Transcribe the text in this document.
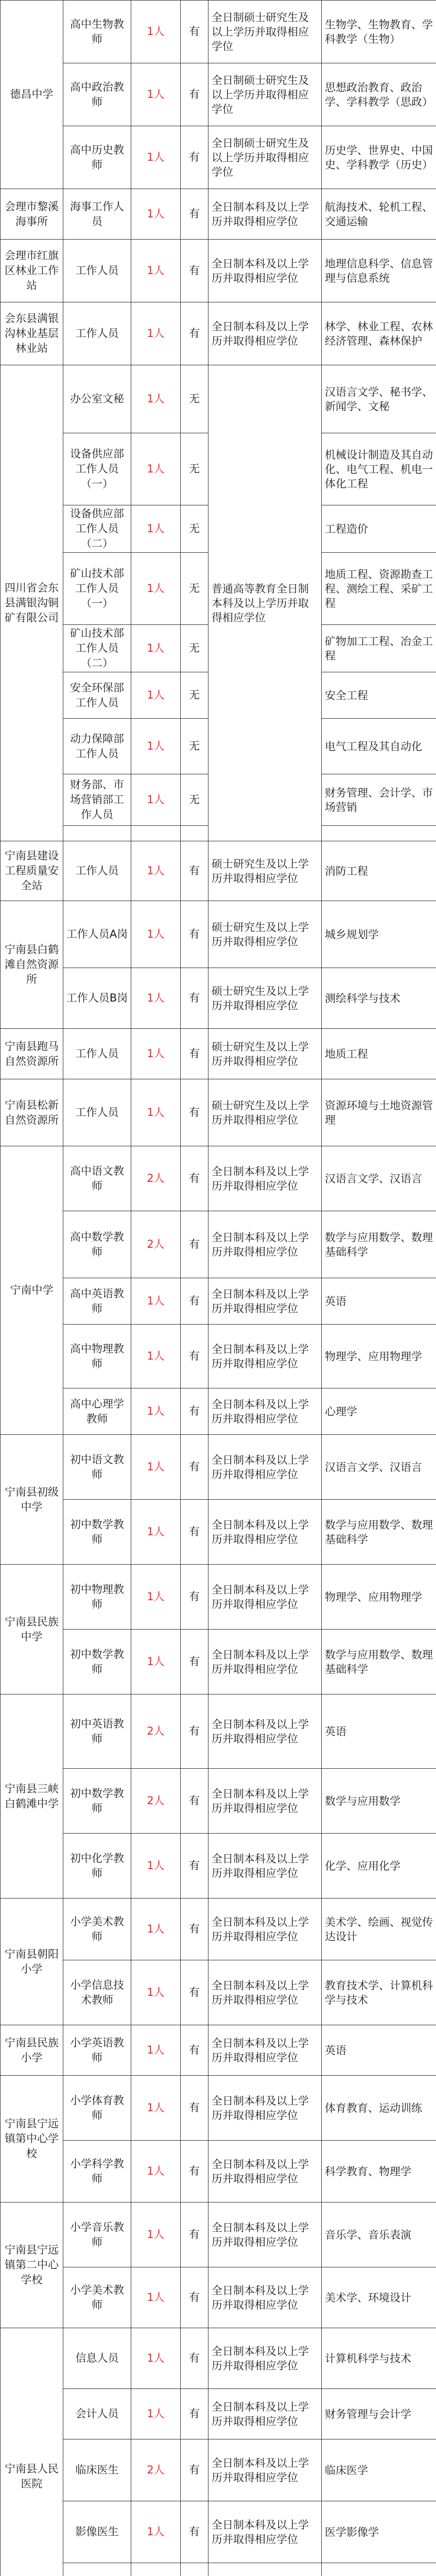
德昌中学	高中生物教师	1人	有	全日制硕士研究生及以上学历并取得相应学位	生物学、生物教育、学科教学（生物）
	高中政治教师	1人	有	全日制硕士研究生及以上学历并取得相应学位	思想政治教育、政治学、学科教学（思政）
	高中历史教师	1人	有	全日制硕士研究生及以上学历并取得相应学位	历史学、世界史、中国史、学科教学（历史）
会理市黎溪海事所	海事工作人员	1人	有	全日制本科及以上学历并取得相应学位	航海技术、轮机工程、交通运输
会理市红旗区林业工作站	工作人员	1人	有	全日制本科及以上学历并取得相应学位	地理信息科学、信息管理与信息系统
会东县满银沟林业基层林业站	工作人员	1人	有	全日制本科及以上学历并取得相应学位	林学、林业工程、农林经济管理、森林保护
四川省会东县满银沟铜矿有限公司	办公室文秘	1人	无	普通高等教育全日制本科及以上学历并取得相应学位	汉语言文学、秘书学、新闻学、文秘
	设备供应部工作人员（一）	1人	无		机械设计制造及其自动化、电气工程、机电一体化工程
	设备供应部工作人员（二）	1人	无		工程造价
	矿山技术部工作人员（一）	1人	无		地质工程、资源勘查工程、测绘工程、采矿工程
	矿山技术部工作人员（二）	1人	无		矿物加工工程、冶金工程
	安全环保部工作人员	1人	无		安全工程
	动力保障部工作人员	1人	无		电气工程及其自动化
	财务部、市场营销部工作人员	1人	无		财务管理、会计学、市场营销

宁南县建设工程质量安全站	工作人员	1人	有	硕士研究生及以上学历并取得相应学位	消防工程
宁南县白鹤滩自然资源所	工作人员A岗	1人	有	硕士研究生及以上学历并取得相应学位	城乡规划学
	工作人员B岗	1人	有	硕士研究生及以上学历并取得相应学位	测绘科学与技术
宁南县跑马自然资源所	工作人员	1人	有	硕士研究生及以上学历并取得相应学位	地质工程
宁南县松新自然资源所	工作人员	1人	有	硕士研究生及以上学历并取得相应学位	资源环境与土地资源管理
宁南中学	高中语文教师	2人	有	全日制本科及以上学历并取得相应学位	汉语言文学、汉语言
	高中数学教师	2人	有	全日制本科及以上学历并取得相应学位	数学与应用数学、数理基础科学
	高中英语教师	1人	有	全日制本科及以上学历并取得相应学位	英语
	高中物理教师	1人	有	全日制本科及以上学历并取得相应学位	物理学、应用物理学
	高中心理学教师	1人	有	全日制本科及以上学历并取得相应学位	心理学
宁南县初级中学	初中语文教师	1人	有	全日制本科及以上学历并取得相应学位	汉语言文学、汉语言
	初中数学教师	1人	有	全日制本科及以上学历并取得相应学位	数学与应用数学、数理基础科学
宁南县民族中学	初中物理教师	1人	有	全日制本科及以上学历并取得相应学位	物理学、应用物理学
	初中数学教师	1人	有	全日制本科及以上学历并取得相应学位	数学与应用数学、数理基础科学
宁南县三峡白鹤滩中学	初中英语教师	2人	有	全日制本科及以上学历并取得相应学位	英语
	初中数学教师	2人	有	全日制本科及以上学历并取得相应学位	数学与应用数学
	初中化学教师	1人	有	全日制本科及以上学历并取得相应学位	化学、应用化学
宁南县朝阳小学	小学美术教师	1人	有	全日制本科及以上学历并取得相应学位	美术学、绘画、视觉传达设计
	小学信息技术教师	1人	有	全日制本科及以上学历并取得相应学位	教育技术学、计算机科学与技术
宁南县民族小学	小学英语教师	1人	有	全日制本科及以上学历并取得相应学位	英语
宁南县宁远镇第中心学校	小学体育教师	1人	有	全日制本科及以上学历并取得相应学位	体育教育、运动训练
	小学科学教师	1人	有	全日制本科及以上学历并取得相应学位	科学教育、物理学
宁南县宁远镇第二中心学校	小学音乐教师	1人	有	全日制本科及以上学历并取得相应学位	音乐学、音乐表演
	小学美术教师	1人	有	全日制本科及以上学历并取得相应学位	美术学、环境设计
宁南县人民医院	信息人员	1人	有	全日制本科及以上学历并取得相应学位	计算机科学与技术
	会计人员	1人	有	全日制本科及以上学历并取得相应学位	财务管理与会计学
	临床医生	2人	有	全日制本科及以上学历并取得相应学位	临床医学
	影像医生	1人	有	全日制本科及以上学历并取得相应学位	医学影像学
